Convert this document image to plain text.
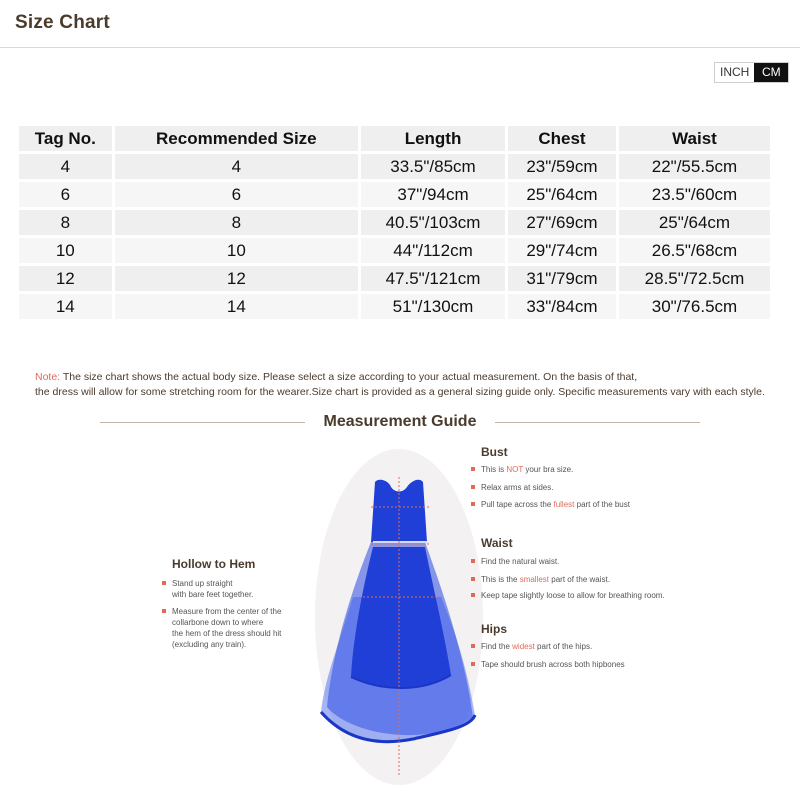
Size Chart
INCH	CM
Tag No.	Recommended Size	Length	Chest	Waist
4	4	33.5"/85cm	23"/59cm	22"/55.5cm
6	6	37"/94cm	25"/64cm	23.5"/60cm
8	8	40.5"/103cm	27"/69cm	25"/64cm
10	10	44"/112cm	29"/74cm	26.5"/68cm
12	12	47.5"/121cm	31"/79cm	28.5"/72.5cm
14	14	51"/130cm	33"/84cm	30"/76.5cm
Note: The size chart shows the actual body size. Please select a size according to your actual measurement. On the basis of that,
the dress will allow for some stretching room for the wearer.Size chart is provided as a general sizing guide only. Specific measurements vary with each style.
Measurement Guide
Bust
This is NOT your bra size.
Relax arms at sides.
Pull tape across the fullest part of the bust
Waist
Find the natural waist.
This is the smallest part of the waist.
Keep tape slightly loose to allow for breathing room.
Hips
Find the widest part of the hips.
Tape should brush across both hipbones
Hollow to Hem
Stand up straight
with bare feet together.
Measure from the center of the
collarbone down to where
the hem of the dress should hit
(excluding any train).
